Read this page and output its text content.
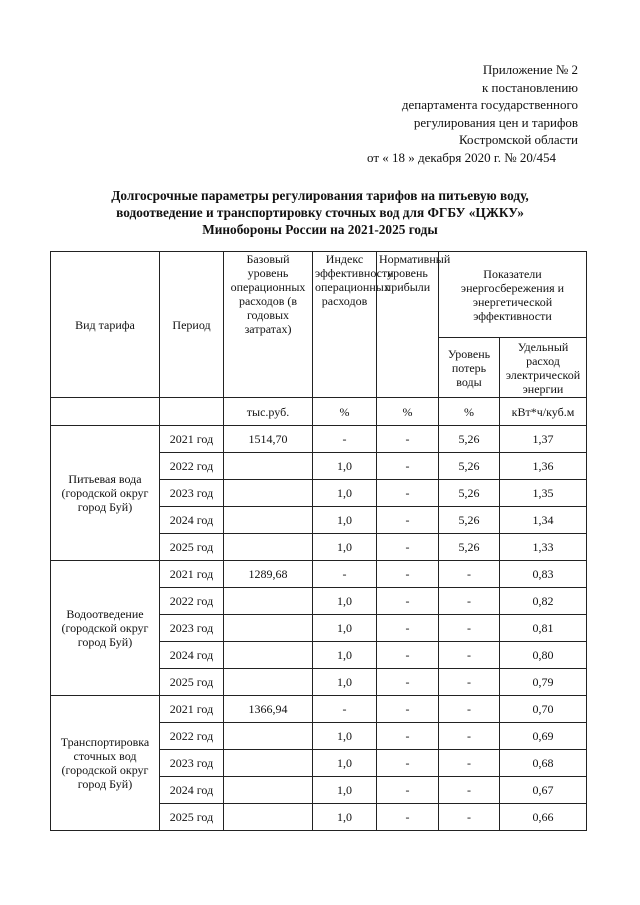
Приложение № 2
к постановлению
департамента государственного
регулирования цен и тарифов
Костромской области
от « 18 » декабря 2020 г. № 20/454
Долгосрочные параметры регулирования тарифов на питьевую воду,
водоотведение и транспортировку сточных вод для ФГБУ «ЦЖКУ»
Минобороны России на 2021-2025 годы
Вид тарифа	Период	Базовый уровень операционных расходов (в годовых затратах)	Индекс эффективности операционных расходов	Нормативный уровень прибыли	Показатели энергосбережения и энергетической эффективности	
					Уровень потерь воды	Удельный расход электрической энергии
		тыс.руб.	%	%	%	кВт*ч/куб.м
Питьевая вода (городской округ город Буй)	2021 год	1514,70	-	-	5,26	1,37
	2022 год		1,0	-	5,26	1,36
	2023 год		1,0	-	5,26	1,35
	2024 год		1,0	-	5,26	1,34
	2025 год		1,0	-	5,26	1,33
Водоотведение (городской округ город Буй)	2021 год	1289,68	-	-	-	0,83
	2022 год		1,0	-	-	0,82
	2023 год		1,0	-	-	0,81
	2024 год		1,0	-	-	0,80
	2025 год		1,0	-	-	0,79
Транспортировка сточных вод (городской округ город Буй)	2021 год	1366,94	-	-	-	0,70
	2022 год		1,0	-	-	0,69
	2023 год		1,0	-	-	0,68
	2024 год		1,0	-	-	0,67
	2025 год		1,0	-	-	0,66
